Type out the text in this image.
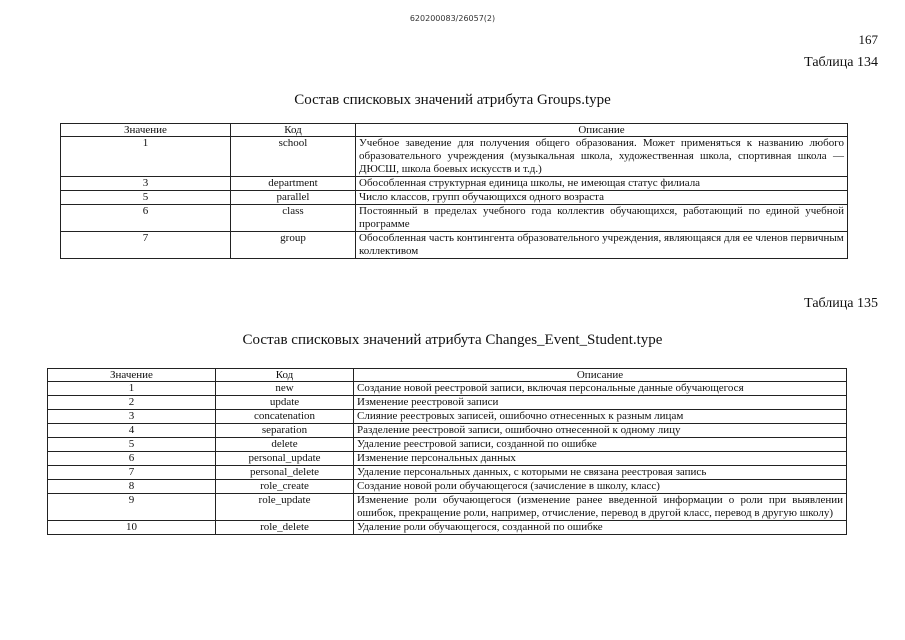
620200083/26057(2)
167
Таблица 134
Состав списковых значений атрибута Groups.type
Значение	Код	Описание
1	school	Учебное заведение для получения общего образования. Может применяться к названию любого образовательного учреждения (музыкальная школа, художественная школа, спортивная школа — ДЮСШ, школа боевых искусств и т.д.)
3	department	Обособленная структурная единица школы, не имеющая статус филиала
5	parallel	Число классов, групп обучающихся одного возраста
6	class	Постоянный в пределах учебного года коллектив обучающихся, работающий по единой учебной программе
7	group	Обособленная часть контингента образовательного учреждения, являющаяся для ее членов первичным коллективом
Таблица 135
Состав списковых значений атрибута Changes_Event_Student.type
Значение	Код	Описание
1	new	Создание новой реестровой записи, включая персональные данные обучающегося
2	update	Изменение реестровой записи
3	concatenation	Слияние реестровых записей, ошибочно отнесенных к разным лицам
4	separation	Разделение реестровой записи, ошибочно отнесенной к одному лицу
5	delete	Удаление реестровой записи, созданной по ошибке
6	personal_update	Изменение персональных данных
7	personal_delete	Удаление персональных данных, с которыми не связана реестровая запись
8	role_create	Создание новой роли обучающегося (зачисление в школу, класс)
9	role_update	Изменение роли обучающегося (изменение ранее введенной информации о роли при выявлении ошибок, прекращение роли, например, отчисление, перевод в другой класс, перевод в другую школу)
10	role_delete	Удаление роли обучающегося, созданной по ошибке
